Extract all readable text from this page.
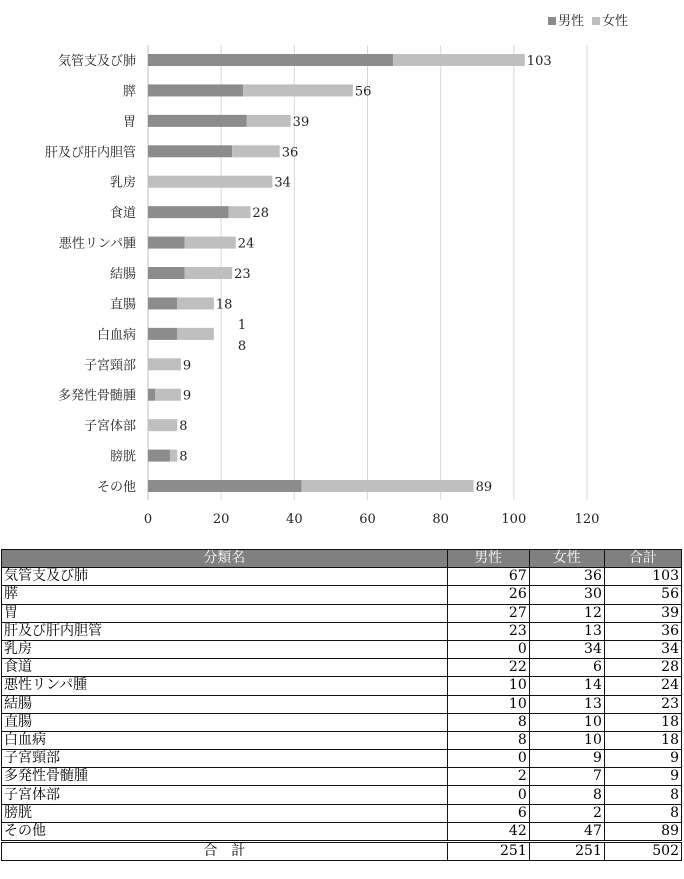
0	20	40	60	80	100	120
気管支及び肺	103
膵	56
胃	39
肝及び肝内胆管	36
乳房	34
食道	28
悪性リンパ腫	24
結腸	23
直腸	18
白血病
1
8
子宮頸部	9
多発性骨髄腫	9
子宮体部	8
膀胱	8
その他	89
男性	女性
分類名	男性	女性	合計
気管支及び肺	67	36	103
膵	26	30	56
胃	27	12	39
肝及び肝内胆管	23	13	36
乳房	0	34	34
食道	22	6	28
悪性リンパ腫	10	14	24
結腸	10	13	23
直腸	8	10	18
白血病	8	10	18
子宮頸部	0	9	9
多発性骨髄腫	2	7	9
子宮体部	0	8	8
膀胱	6	2	8
その他	42	47	89
合　計	251	251	502
